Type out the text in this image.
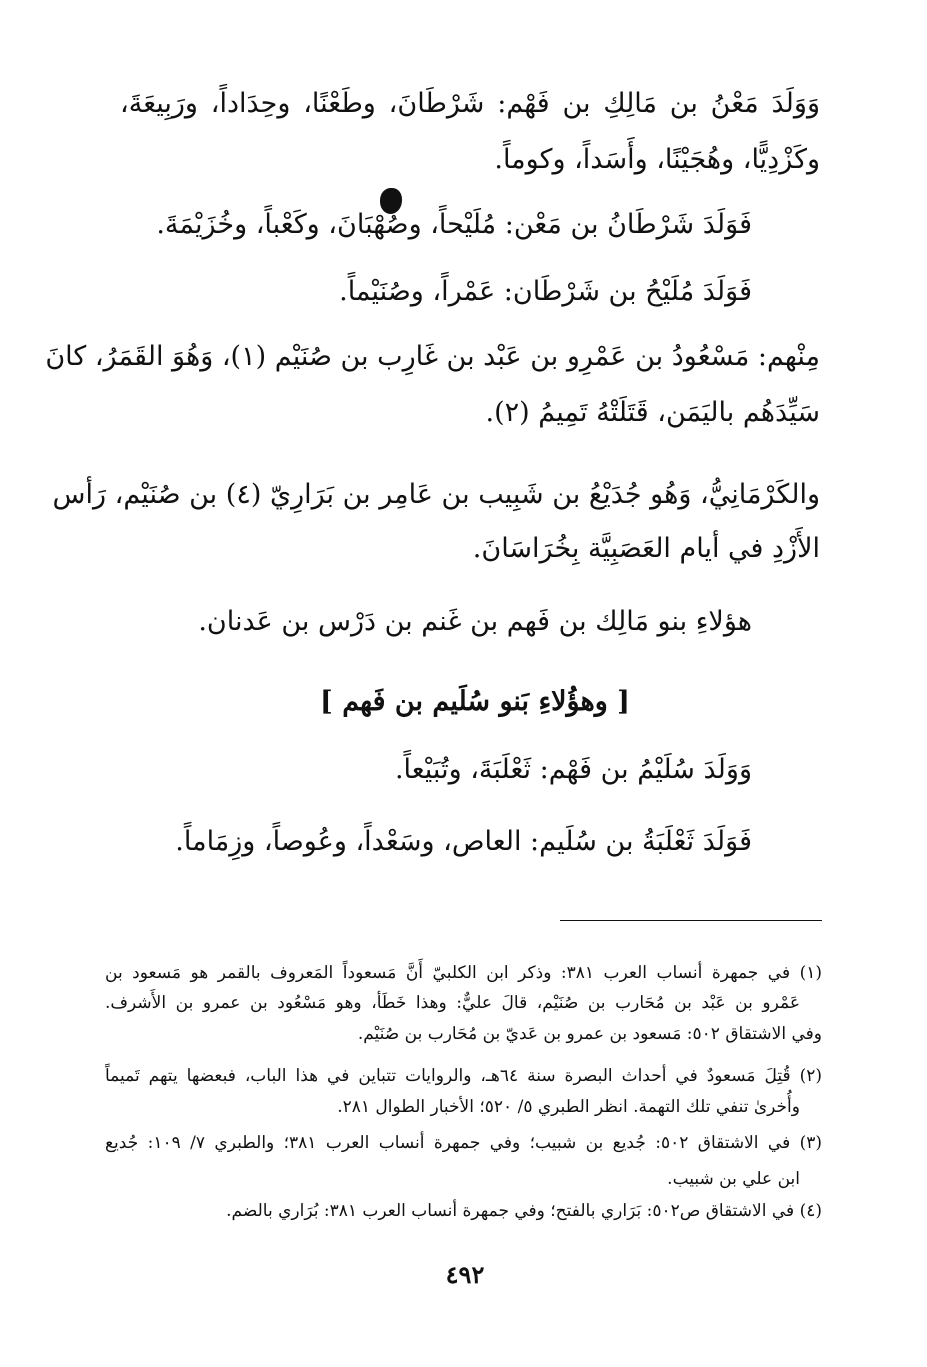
وَوَلَدَ مَعْنُ بن مَالِكِ بن فَهْم: شَرْطَانَ، وطَعْنًا، وحِدَاداً، ورَبِيعَةَ،
وكَزْدِيًّا، وهُجَيْنًا، وأَسَداً، وكوماً.
فَوَلَدَ شَرْطَانُ بن مَعْن: مُلَيْحاً، وصُهْبَانَ، وكَعْباً، وخُزَيْمَةَ.
فَوَلَدَ مُلَيْحُ بن شَرْطَان: عَمْراً، وصُنَيْماً.
مِنْهم: مَسْعُودُ بن عَمْرِو بن عَبْد بن غَارِب بن صُنَيْم (١)، وَهُوَ القَمَرُ، كانَ
سَيِّدَهُم باليَمَن، قَتَلَتْهُ تَمِيمُ (٢).
والكَرْمَانِيُّ، وَهُو جُدَيْعُ بن شَبِيب بن عَامِر بن بَرَارِيّ (٤) بن صُنَيْم، رَأس
الأَزْدِ في أيام العَصَبِيَّة بِخُرَاسَانَ.
هؤلاءِ بنو مَالِك بن فَهم بن غَنم بن دَرْس بن عَدنان.
[ وهؤُلاءِ بَنو سُلَيم بن فَهم ]
وَوَلَدَ سُلَيْمُ بن فَهْم: ثَعْلَبَةَ، وتُبَيْعاً.
فَوَلَدَ ثَعْلَبَةُ بن سُلَيم: العاص، وسَعْداً، وعُوصاً، وزِمَاماً.
(١) في جمهرة أنساب العرب ٣٨١: وذكر ابن الكلبيّ أَنَّ مَسعوداً المَعروف بالقمر هو مَسعود بن
عَمْرو بن عَبْد بن مُحَارب بن صُنَيْم، قالَ عليٌّ: وهذا خَطَأ، وهو مَسْعُود بن عمرو بن الأَشرف.
وفي الاشتقاق ٥٠٢: مَسعود بن عمرو بن عَديّ بن مُحَارب بن صُنَيْم.
(٢) قُتِلَ مَسعودٌ في أحداث البصرة سنة ٦٤هـ، والروايات تتباين في هذا الباب، فبعضها يتهم تَميماً
وأُخرىٰ تنفي تلك التهمة. انظر الطبري ٥/ ٥٢٠؛ الأخبار الطوال ٢٨١.
(٣) في الاشتقاق ٥٠٢: جُديع بن شبيب؛ وفي جمهرة أنساب العرب ٣٨١؛ والطبري ٧/ ١٠٩: جُديع
ابن علي بن شبيب.
(٤) في الاشتقاق ص٥٠٢: بَرَاري بالفتح؛ وفي جمهرة أنساب العرب ٣٨١: بُرَاري بالضم.
٤٩٢
